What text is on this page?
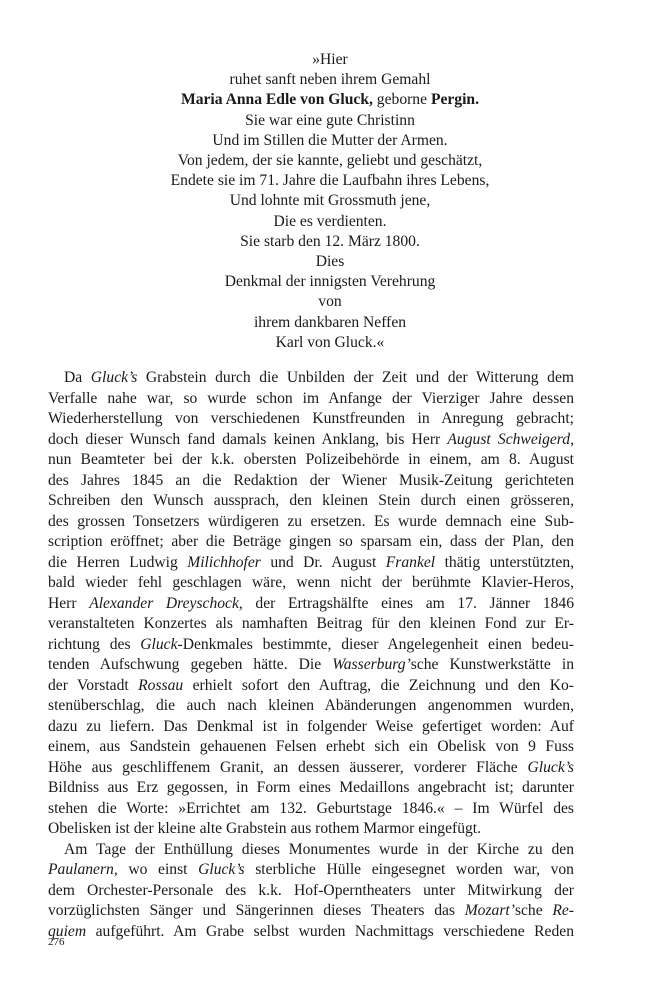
»Hier
ruhet sanft neben ihrem Gemahl
Maria Anna Edle von Gluck, geborne Pergin.
Sie war eine gute Christinn
Und im Stillen die Mutter der Armen.
Von jedem, der sie kannte, geliebt und geschätzt,
Endete sie im 71. Jahre die Laufbahn ihres Lebens,
Und lohnte mit Grossmuth jene,
Die es verdienten.
Sie starb den 12. März 1800.
Dies
Denkmal der innigsten Verehrung
von
ihrem dankbaren Neffen
Karl von Gluck.«
Da Gluck’s Grabstein durch die Unbilden der Zeit und der Witterung dem
Verfalle nahe war, so wurde schon im Anfange der Vierziger Jahre dessen
Wiederherstellung von verschiedenen Kunstfreunden in Anregung gebracht;
doch dieser Wunsch fand damals keinen Anklang, bis Herr August Schweigerd,
nun Beamteter bei der k.k. obersten Polizeibehörde in einem, am 8. August
des Jahres 1845 an die Redaktion der Wiener Musik-Zeitung gerichteten
Schreiben den Wunsch aussprach, den kleinen Stein durch einen grösseren,
des grossen Tonsetzers würdigeren zu ersetzen. Es wurde demnach eine Sub-
scription eröffnet; aber die Beträge gingen so sparsam ein, dass der Plan, den
die Herren Ludwig Milichhofer und Dr. August Frankel thätig unterstützten,
bald wieder fehl geschlagen wäre, wenn nicht der berühmte Klavier-Heros,
Herr Alexander Dreyschock, der Ertragshälfte eines am 17. Jänner 1846
veranstalteten Konzertes als namhaften Beitrag für den kleinen Fond zur Er-
richtung des Gluck-Denkmales bestimmte, dieser Angelegenheit einen bedeu-
tenden Aufschwung gegeben hätte. Die Wasserburg’sche Kunstwerkstätte in
der Vorstadt Rossau erhielt sofort den Auftrag, die Zeichnung und den Ko-
stenüberschlag, die auch nach kleinen Abänderungen angenommen wurden,
dazu zu liefern. Das Denkmal ist in folgender Weise gefertiget worden: Auf
einem, aus Sandstein gehauenen Felsen erhebt sich ein Obelisk von 9 Fuss
Höhe aus geschliffenem Granit, an dessen äusserer, vorderer Fläche Gluck’s
Bildniss aus Erz gegossen, in Form eines Medaillons angebracht ist; darunter
stehen die Worte: »Errichtet am 132. Geburtstage 1846.« – Im Würfel des
Obelisken ist der kleine alte Grabstein aus rothem Marmor eingefügt.
Am Tage der Enthüllung dieses Monumentes wurde in der Kirche zu den
Paulanern, wo einst Gluck’s sterbliche Hülle eingesegnet worden war, von
dem Orchester-Personale des k.k. Hof-Operntheaters unter Mitwirkung der
vorzüglichsten Sänger und Sängerinnen dieses Theaters das Mozart’sche Re-
quiem aufgeführt. Am Grabe selbst wurden Nachmittags verschiedene Reden
276
